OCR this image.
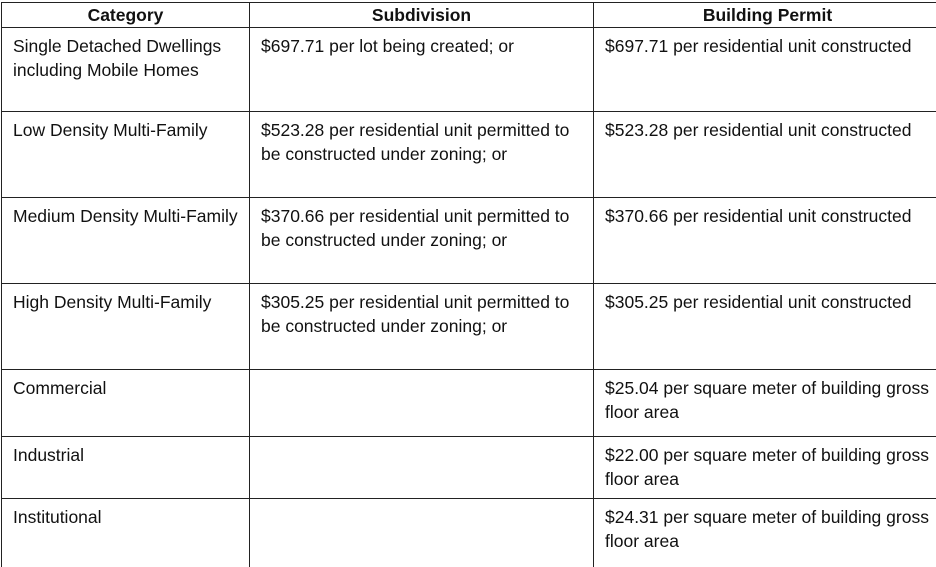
Category	Subdivision	Building Permit
Single Detached Dwellings including Mobile Homes	$697.71 per lot being created; or	$697.71 per residential unit constructed
Low Density Multi-Family	$523.28 per residential unit permitted to be constructed under zoning; or	$523.28 per residential unit constructed
Medium Density Multi-Family	$370.66 per residential unit permitted to be constructed under zoning; or	$370.66 per residential unit constructed
High Density Multi-Family	$305.25 per residential unit permitted to be constructed under zoning; or	$305.25 per residential unit constructed
Commercial		$25.04 per square meter of building gross floor area
Industrial		$22.00 per square meter of building gross floor area
Institutional		$24.31 per square meter of building gross floor area
